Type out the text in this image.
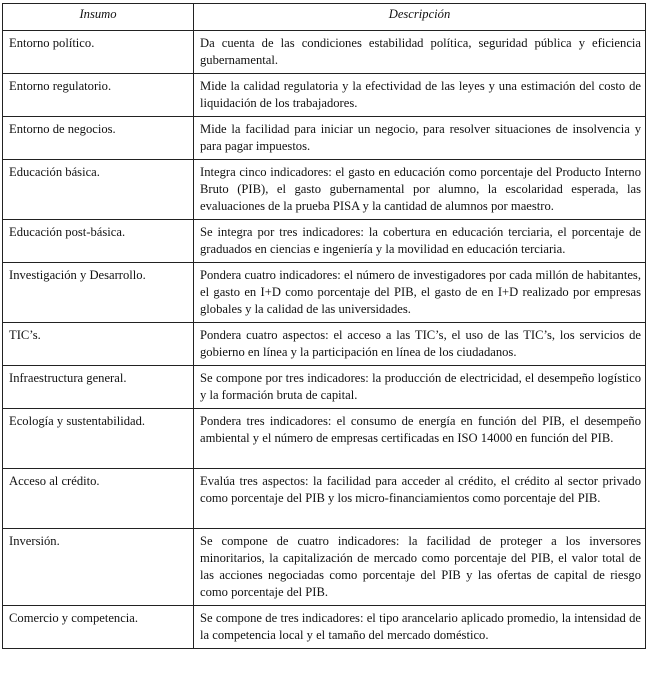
Insumo	Descripción
Entorno político.	Da cuenta de las condiciones estabilidad política, seguridad pública y eficiencia gubernamental.
Entorno regulatorio.	Mide la calidad regulatoria y la efectividad de las leyes y una estimación del costo de liquidación de los trabajadores.
Entorno de negocios.	Mide la facilidad para iniciar un negocio, para resolver situaciones de insolvencia y para pagar impuestos.
Educación básica.	Integra cinco indicadores: el gasto en educación como porcentaje del Producto Interno Bruto (PIB), el gasto gubernamental por alumno, la escolaridad esperada, las evaluaciones de la prueba PISA y la cantidad de alumnos por maestro.
Educación post-básica.	Se integra por tres indicadores: la cobertura en educación terciaria, el porcentaje de graduados en ciencias e ingeniería y la movilidad en educación terciaria.
Investigación y Desarrollo.	Pondera cuatro indicadores: el número de investigadores por cada millón de habitantes, el gasto en I+D como porcentaje del PIB, el gasto de en I+D realizado por empresas globales y la calidad de las universidades.
TIC’s.	Pondera cuatro aspectos: el acceso a las TIC’s, el uso de las TIC’s, los servicios de gobierno en línea y la participación en línea de los ciudadanos.
Infraestructura general.	Se compone por tres indicadores: la producción de electricidad, el desempeño logístico y la formación bruta de capital.
Ecología y sustentabilidad.	Pondera tres indicadores: el consumo de energía en función del PIB, el desempeño ambiental y el número de empresas certificadas en ISO 14000 en función del PIB.
Acceso al crédito.	Evalúa tres aspectos: la facilidad para acceder al crédito, el crédito al sector privado como porcentaje del PIB y los micro-financiamientos como porcentaje del PIB.
Inversión.	Se compone de cuatro indicadores: la facilidad de proteger a los inversores minoritarios, la capitalización de mercado como porcentaje del PIB, el valor total de las acciones negociadas como porcentaje del PIB y las ofertas de capital de riesgo como porcentaje del PIB.
Comercio y competencia.	Se compone de tres indicadores: el tipo arancelario aplicado promedio, la intensidad de la competencia local y el tamaño del mercado doméstico.
